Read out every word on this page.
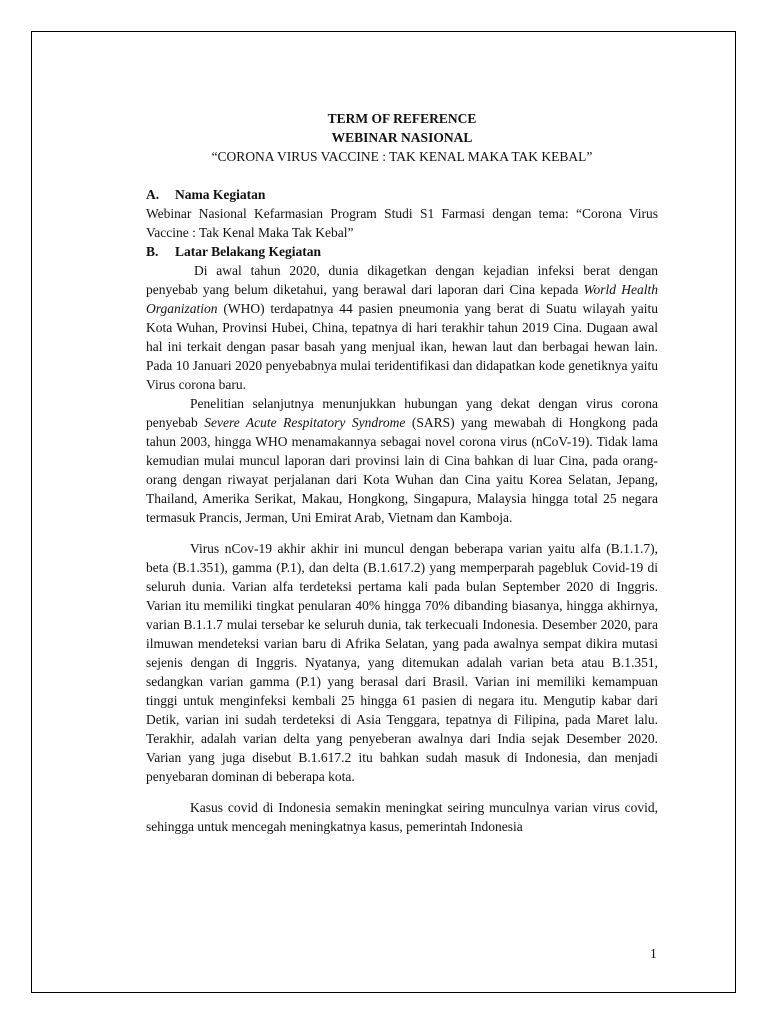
TERM OF REFERENCE

WEBINAR NASIONAL

“CORONA VIRUS VACCINE : TAK KENAL MAKA TAK KEBAL”

A.	Nama Kegiatan

Webinar Nasional Kefarmasian Program Studi S1 Farmasi dengan tema: “Corona Virus Vaccine : Tak Kenal Maka Tak Kebal”

B.	Latar Belakang Kegiatan

Di awal tahun 2020, dunia dikagetkan dengan kejadian infeksi berat dengan penyebab yang belum diketahui, yang berawal dari laporan dari Cina kepada World Health Organization (WHO) terdapatnya 44 pasien pneumonia yang berat di Suatu wilayah yaitu Kota Wuhan, Provinsi Hubei, China, tepatnya di hari terakhir tahun 2019 Cina. Dugaan awal hal ini terkait dengan pasar basah yang menjual ikan, hewan laut dan berbagai hewan lain. Pada 10 Januari 2020 penyebabnya mulai teridentifikasi dan didapatkan kode genetiknya yaitu Virus corona baru.

Penelitian selanjutnya menunjukkan hubungan yang dekat dengan virus corona penyebab Severe Acute Respitatory Syndrome (SARS) yang mewabah di Hongkong pada tahun 2003, hingga WHO menamakannya sebagai novel corona virus (nCoV-19). Tidak lama kemudian mulai muncul laporan dari provinsi lain di Cina bahkan di luar Cina, pada orang-orang dengan riwayat perjalanan dari Kota Wuhan dan Cina yaitu Korea Selatan, Jepang, Thailand, Amerika Serikat, Makau, Hongkong, Singapura, Malaysia hingga total 25 negara termasuk Prancis, Jerman, Uni Emirat Arab, Vietnam dan Kamboja.

Virus nCov-19 akhir akhir ini muncul dengan beberapa varian yaitu alfa (B.1.1.7), beta (B.1.351), gamma (P.1), dan delta (B.1.617.2) yang memperparah pagebluk Covid-19 di seluruh dunia. Varian alfa terdeteksi pertama kali pada bulan September 2020 di Inggris. Varian itu memiliki tingkat penularan 40% hingga 70% dibanding biasanya, hingga akhirnya, varian B.1.1.7 mulai tersebar ke seluruh dunia, tak terkecuali Indonesia. Desember 2020, para ilmuwan mendeteksi varian baru di Afrika Selatan, yang pada awalnya sempat dikira mutasi sejenis dengan di Inggris. Nyatanya, yang ditemukan adalah varian beta atau B.1.351, sedangkan varian gamma (P.1) yang berasal dari Brasil. Varian ini memiliki kemampuan tinggi untuk menginfeksi kembali 25 hingga 61 pasien di negara itu. Mengutip kabar dari Detik, varian ini sudah terdeteksi di Asia Tenggara, tepatnya di Filipina, pada Maret lalu. Terakhir, adalah varian delta yang penyeberan awalnya dari India sejak Desember 2020. Varian yang juga disebut B.1.617.2 itu bahkan sudah masuk di Indonesia, dan menjadi penyebaran dominan di beberapa kota.

Kasus covid di Indonesia semakin meningkat seiring munculnya varian virus covid, sehingga untuk mencegah meningkatnya kasus, pemerintah Indonesia

1
